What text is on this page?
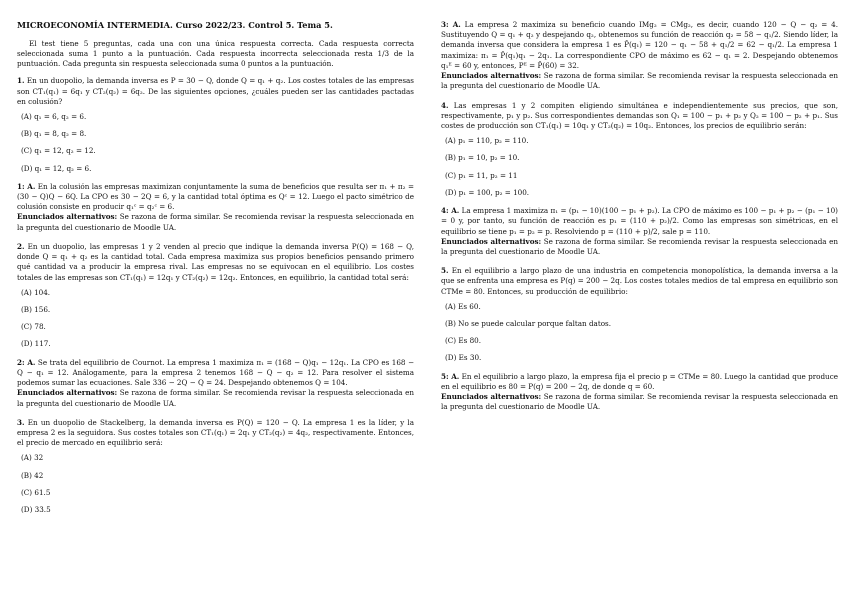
MICROECONOMÍA INTERMEDIA. Curso 2022/23. Control 5. Tema 5.
El test tiene 5 preguntas, cada una con una única respuesta correcta. Cada respuesta correcta seleccionada suma 1 punto a la puntuación. Cada respuesta incorrecta seleccionada resta 1/3 de la puntuación. Cada pregunta sin respuesta seleccionada suma 0 puntos a la puntuación.
1. En un duopolio, la demanda inversa es P = 30 − Q, donde Q = q₁ + q₂. Los costes totales de las empresas son CT₁(q₁) = 6q₁ y CT₂(q₂) = 6q₂. De las siguientes opciones, ¿cuáles pueden ser las cantidades pactadas en colusión?
(A) q₁ = 6, q₂ = 6.
(B) q₁ = 8, q₂ = 8.
(C) q₁ = 12, q₂ = 12.
(D) q₁ = 12, q₂ = 6.
1: A. En la colusión las empresas maximizan conjuntamente la suma de beneficios que resulta ser π₁ + π₂ = (30 − Q)Q − 6Q. La CPO es 30 − 2Q = 6, y la cantidad total óptima es Qᶜ = 12. Luego el pacto simétrico de colusión consiste en producir q₁ᶜ = q₂ᶜ = 6.
Enunciados alternativos: Se razona de forma similar. Se recomienda revisar la respuesta seleccionada en la pregunta del cuestionario de Moodle UA.
2. En un duopolio, las empresas 1 y 2 venden al precio que indique la demanda inversa P(Q) = 168 − Q, donde Q = q₁ + q₂ es la cantidad total. Cada empresa maximiza sus propios beneficios pensando primero qué cantidad va a producir la empresa rival. Las empresas no se equivocan en el equilibrio. Los costes totales de las empresas son CT₁(q₁) = 12q₁ y CT₂(q₂) = 12q₂. Entonces, en equilibrio, la cantidad total será:
(A) 104.
(B) 156.
(C) 78.
(D) 117.
2: A. Se trata del equilibrio de Cournot. La empresa 1 maximiza π₁ = (168 − Q)q₁ − 12q₁. La CPO es 168 − Q − q₁ = 12. Análogamente, para la empresa 2 tenemos 168 − Q − q₂ = 12. Para resolver el sistema podemos sumar las ecuaciones. Sale 336 − 2Q − Q = 24. Despejando obtenemos Q = 104.
Enunciados alternativos: Se razona de forma similar. Se recomienda revisar la respuesta seleccionada en la pregunta del cuestionario de Moodle UA.
3. En un duopolio de Stackelberg, la demanda inversa es P(Q) = 120 − Q. La empresa 1 es la líder, y la empresa 2 es la seguidora. Sus costes totales son CT₁(q₁) = 2q₁ y CT₂(q₂) = 4q₂, respectivamente. Entonces, el precio de mercado en equilibrio será:
(A) 32
(B) 42
(C) 61.5
(D) 33.5
3: A. La empresa 2 maximiza su beneficio cuando IMg₂ = CMg₂, es decir, cuando 120 − Q − q₂ = 4. Sustituyendo Q = q₁ + q₂ y despejando q₂, obtenemos su función de reacción q₂ = 58 − q₁/2. Siendo líder, la demanda inversa que considera la empresa 1 es P̂(q₁) = 120 − q₁ − 58 + q₁/2 = 62 − q₁/2. La empresa 1 maximiza: π₁ = P̂(q₁)q₁ − 2q₁. La correspondiente CPO de máximo es 62 − q₁ = 2. Despejando obtenemos q₁ᴱ = 60 y, entonces, Pᴱ = P̂(60) = 32.
Enunciados alternativos: Se razona de forma similar. Se recomienda revisar la respuesta seleccionada en la pregunta del cuestionario de Moodle UA.
4. Las empresas 1 y 2 compiten eligiendo simultánea e independientemente sus precios, que son, respectivamente, p₁ y p₂. Sus correspondientes demandas son Q₁ = 100 − p₁ + p₂ y Q₂ = 100 − p₂ + p₁. Sus costes de producción son CT₁(q₁) = 10q₁ y CT₂(q₂) = 10q₂. Entonces, los precios de equilibrio serán:
(A) p₁ = 110, p₂ = 110.
(B) p₁ = 10, p₂ = 10.
(C) p₁ = 11, p₂ = 11
(D) p₁ = 100, p₂ = 100.
4: A. La empresa 1 maximiza π₁ = (p₁ − 10)(100 − p₁ + p₂). La CPO de máximo es 100 − p₁ + p₂ − (p₁ − 10) = 0 y, por tanto, su función de reacción es p₁ = (110 + p₂)/2. Como las empresas son simétricas, en el equilibrio se tiene p₁ = p₂ = p. Resolviendo p = (110 + p)/2, sale p = 110.
Enunciados alternativos: Se razona de forma similar. Se recomienda revisar la respuesta seleccionada en la pregunta del cuestionario de Moodle UA.
5. En el equilibrio a largo plazo de una industria en competencia monopolística, la demanda inversa a la que se enfrenta una empresa es P(q) = 200 − 2q. Los costes totales medios de tal empresa en equilibrio son CTMe = 80. Entonces, su producción de equilibrio:
(A) Es 60.
(B) No se puede calcular porque faltan datos.
(C) Es 80.
(D) Es 30.
5: A. En el equilibrio a largo plazo, la empresa fija el precio p = CTMe = 80. Luego la cantidad que produce en el equilibrio es 80 = P(q) = 200 − 2q, de donde q = 60.
Enunciados alternativos: Se razona de forma similar. Se recomienda revisar la respuesta seleccionada en la pregunta del cuestionario de Moodle UA.
